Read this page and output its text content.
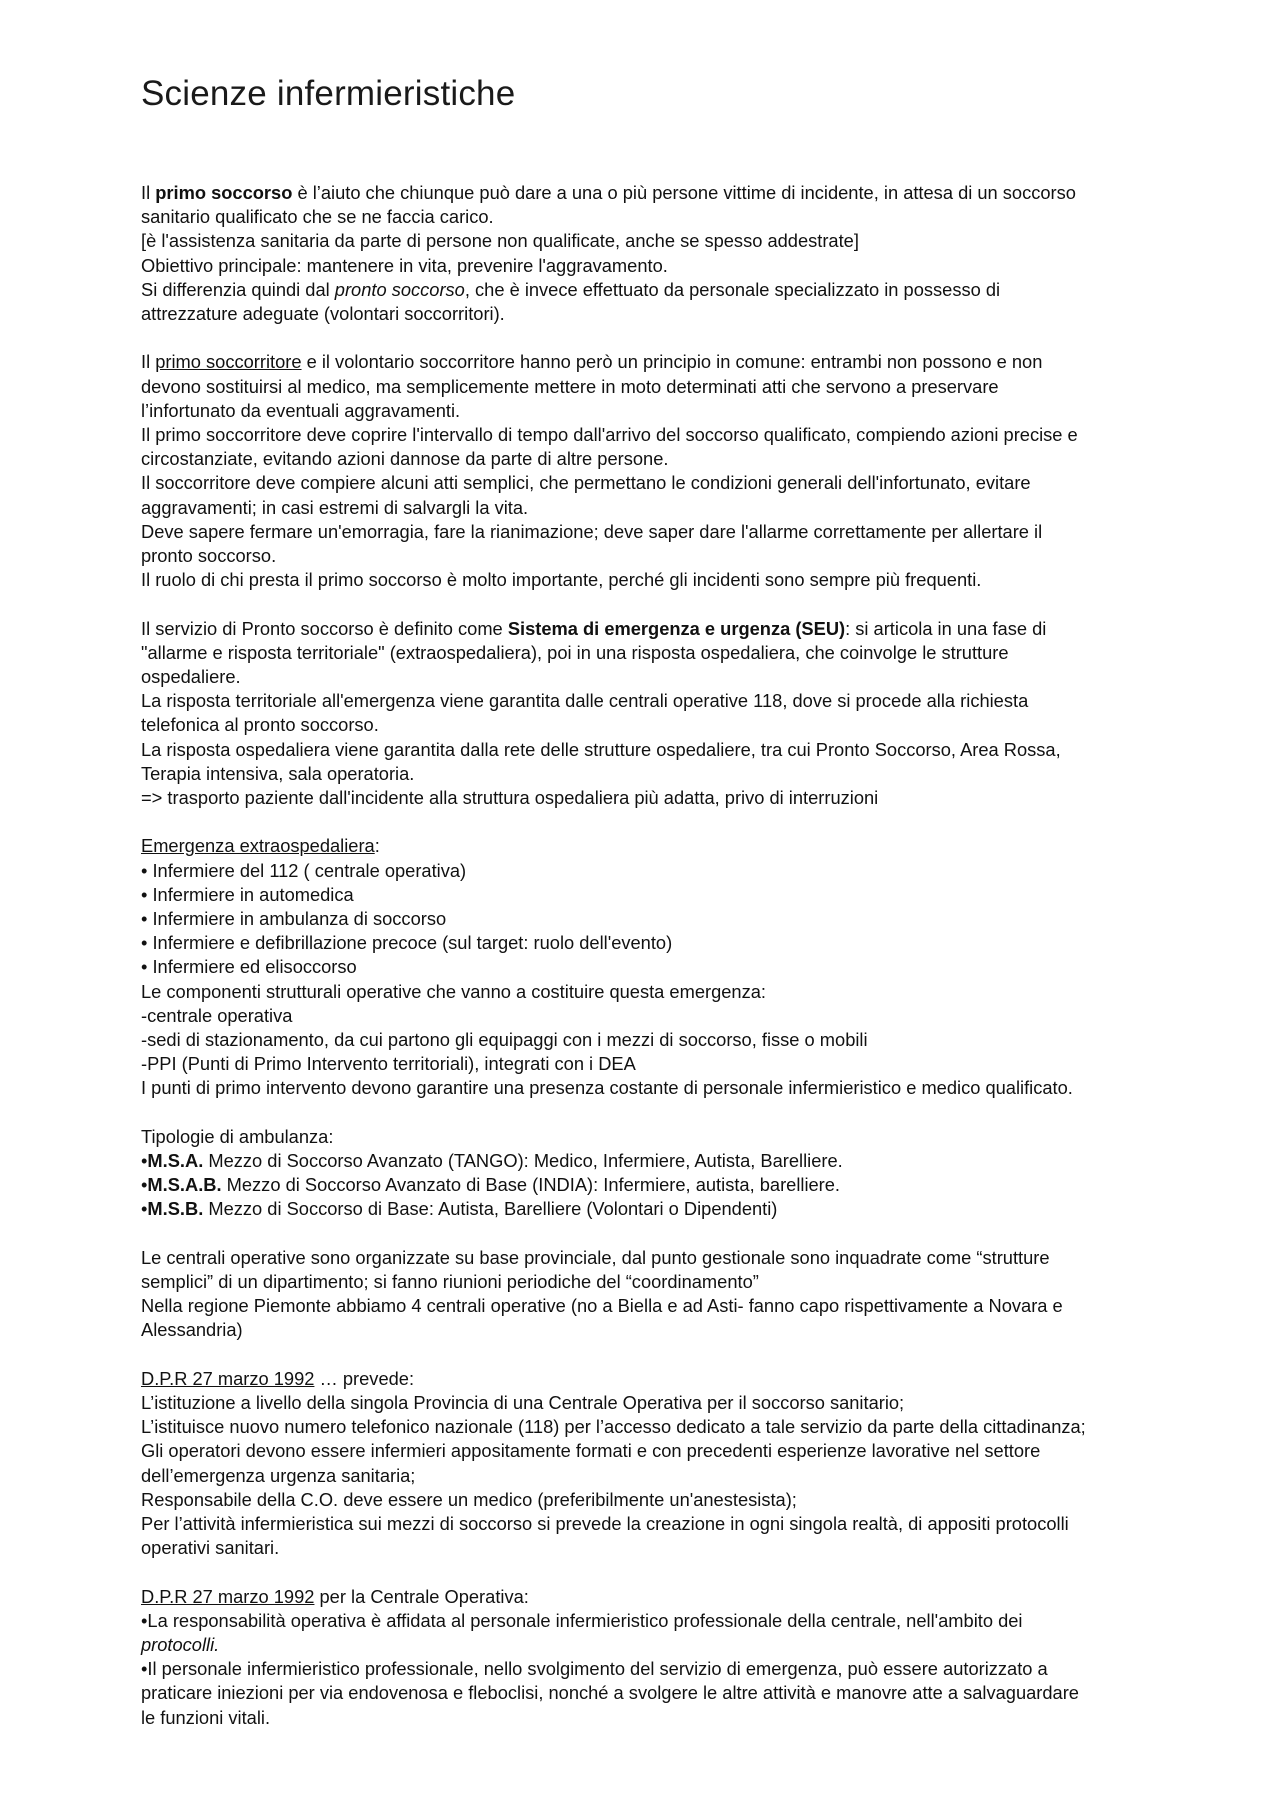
Scienze infermieristiche
Il primo soccorso è l’aiuto che chiunque può dare a una o più persone vittime di incidente, in attesa di un soccorso
sanitario qualificato che se ne faccia carico.
[è l'assistenza sanitaria da parte di persone non qualificate, anche se spesso addestrate]
Obiettivo principale: mantenere in vita, prevenire l'aggravamento.
Si differenzia quindi dal pronto soccorso, che è invece effettuato da personale specializzato in possesso di
attrezzature adeguate (volontari soccorritori).
Il primo soccorritore e il volontario soccorritore hanno però un principio in comune: entrambi non possono e non
devono sostituirsi al medico, ma semplicemente mettere in moto determinati atti che servono a preservare
l’infortunato da eventuali aggravamenti.
Il primo soccorritore deve coprire l'intervallo di tempo dall'arrivo del soccorso qualificato, compiendo azioni precise e
circostanziate, evitando azioni dannose da parte di altre persone.
Il soccorritore deve compiere alcuni atti semplici, che permettano le condizioni generali dell'infortunato, evitare
aggravamenti; in casi estremi di salvargli la vita.
Deve sapere fermare un'emorragia, fare la rianimazione; deve saper dare l'allarme correttamente per allertare il
pronto soccorso.
Il ruolo di chi presta il primo soccorso è molto importante, perché gli incidenti sono sempre più frequenti.
Il servizio di Pronto soccorso è definito come Sistema di emergenza e urgenza (SEU): si articola in una fase di
"allarme e risposta territoriale" (extraospedaliera), poi in una risposta ospedaliera, che coinvolge le strutture
ospedaliere.
La risposta territoriale all'emergenza viene garantita dalle centrali operative 118, dove si procede alla richiesta
telefonica al pronto soccorso.
La risposta ospedaliera viene garantita dalla rete delle strutture ospedaliere, tra cui Pronto Soccorso, Area Rossa,
Terapia intensiva, sala operatoria.
=> trasporto paziente dall'incidente alla struttura ospedaliera più adatta, privo di interruzioni
Emergenza extraospedaliera:
• Infermiere del 112 ( centrale operativa)
• Infermiere in automedica
• Infermiere in ambulanza di soccorso
• Infermiere e defibrillazione precoce (sul target: ruolo dell'evento)
• Infermiere ed elisoccorso
Le componenti strutturali operative che vanno a costituire questa emergenza:
-centrale operativa
-sedi di stazionamento, da cui partono gli equipaggi con i mezzi di soccorso, fisse o mobili
-PPI (Punti di Primo Intervento territoriali), integrati con i DEA
I punti di primo intervento devono garantire una presenza costante di personale infermieristico e medico qualificato.
Tipologie di ambulanza:
•M.S.A. Mezzo di Soccorso Avanzato (TANGO): Medico, Infermiere, Autista, Barelliere.
•M.S.A.B. Mezzo di Soccorso Avanzato di Base (INDIA): Infermiere, autista, barelliere.
•M.S.B. Mezzo di Soccorso di Base: Autista, Barelliere (Volontari o Dipendenti)
Le centrali operative sono organizzate su base provinciale, dal punto gestionale sono inquadrate come “strutture
semplici” di un dipartimento; si fanno riunioni periodiche del “coordinamento”
Nella regione Piemonte abbiamo 4 centrali operative (no a Biella e ad Asti- fanno capo rispettivamente a Novara e
Alessandria)
D.P.R 27 marzo 1992 … prevede:
L’istituzione a livello della singola Provincia di una Centrale Operativa per il soccorso sanitario;
L’istituisce nuovo numero telefonico nazionale (118) per l’accesso dedicato a tale servizio da parte della cittadinanza;
Gli operatori devono essere infermieri appositamente formati e con precedenti esperienze lavorative nel settore
dell’emergenza urgenza sanitaria;
Responsabile della C.O. deve essere un medico (preferibilmente un'anestesista);
Per l’attività infermieristica sui mezzi di soccorso si prevede la creazione in ogni singola realtà, di appositi protocolli
operativi sanitari.
D.P.R 27 marzo 1992 per la Centrale Operativa:
•La responsabilità operativa è affidata al personale infermieristico professionale della centrale, nell'ambito dei
protocolli.
•Il personale infermieristico professionale, nello svolgimento del servizio di emergenza, può essere autorizzato a
praticare iniezioni per via endovenosa e fleboclisi, nonché a svolgere le altre attività e manovre atte a salvaguardare
le funzioni vitali.
